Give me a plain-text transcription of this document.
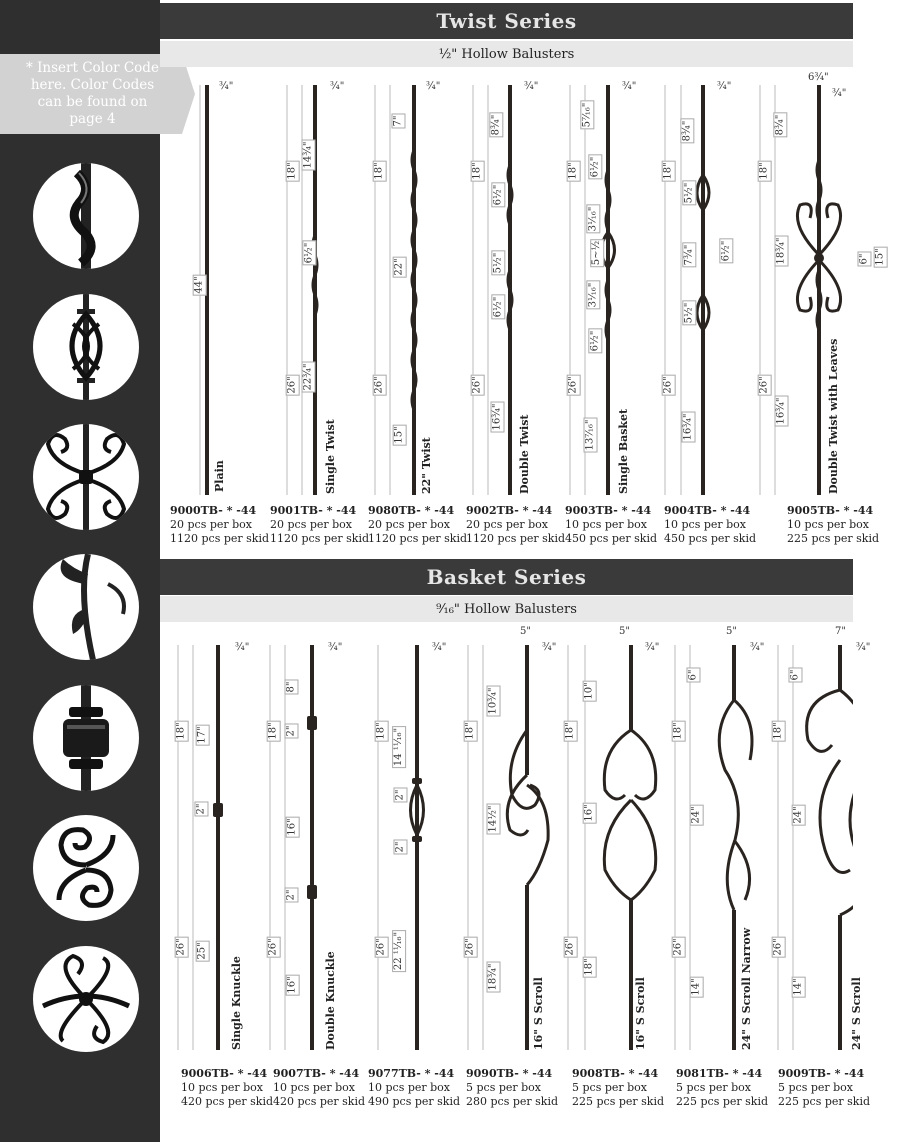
* Insert Color Code here. Color Codes can be found on page 4
Twist Series
½" Hollow Balusters
Basket Series
⁹⁄₁₆" Hollow Balusters
¾"	¾"	¾"	¾"	¾"	¾"
¾"
6¾"
44"
18"
26"
14¾"
6½"
22¾"
18"
26"
7"
22"
15"
18"
26"
8¾"
6½"
5½"
6½"
16¾"
18"
26"
5⁷⁄₁₆"
6½"
3¹⁄₁₆"
5~½
3¹⁄₁₆"
6½"
13⁷⁄₁₆"
18"
26"
8¾"
5½"
7¾"	6½"
5½"
16¾"
18"
26"
8¾"
18¾"	6" 15"
16¾"
Plain	Single Twist	22" Twist	Double Twist	Single Basket	Double Twist with Leaves
9000TB- * -44
20 pcs per box
1120 pcs per skid
9001TB- * -44
20 pcs per box
1120 pcs per skid
9080TB- * -44
20 pcs per box
1120 pcs per skid
9002TB- * -44
20 pcs per box
1120 pcs per skid
9003TB- * -44
10 pcs per box
450 pcs per skid
9004TB- * -44
10 pcs per box
450 pcs per skid
9005TB- * -44
10 pcs per box
225 pcs per skid
¾"	¾"	¾"	¾"	¾"	¾"	¾"
5"	5"	5"	7"
18"
26"
17"
2"
25"
18"
26"
8"
2"
16"
2"
16"
18"
26"
14 ¹¹⁄₁₆"
2"
2"
22 ¹¹⁄₁₆"
18"
26"
10¾"
14½"
18¾"
18"
26"
10"
16"
18"
18"
26"
6"
24"
14"
18"
26"
6"
24"
14"
Single Knuckle	Double Knuckle	16" S Scroll	16" S Scroll	24" S Scroll Narrow	24" S Scroll
9006TB- * -44
10 pcs per box
420 pcs per skid
9007TB- * -44
10 pcs per box
420 pcs per skid
9077TB- * -44
10 pcs per box
490 pcs per skid
9090TB- * -44
5 pcs per box
280 pcs per skid
9008TB- * -44
5 pcs per box
225 pcs per skid
9081TB- * -44
5 pcs per box
225 pcs per skid
9009TB- * -44
5 pcs per box
225 pcs per skid
